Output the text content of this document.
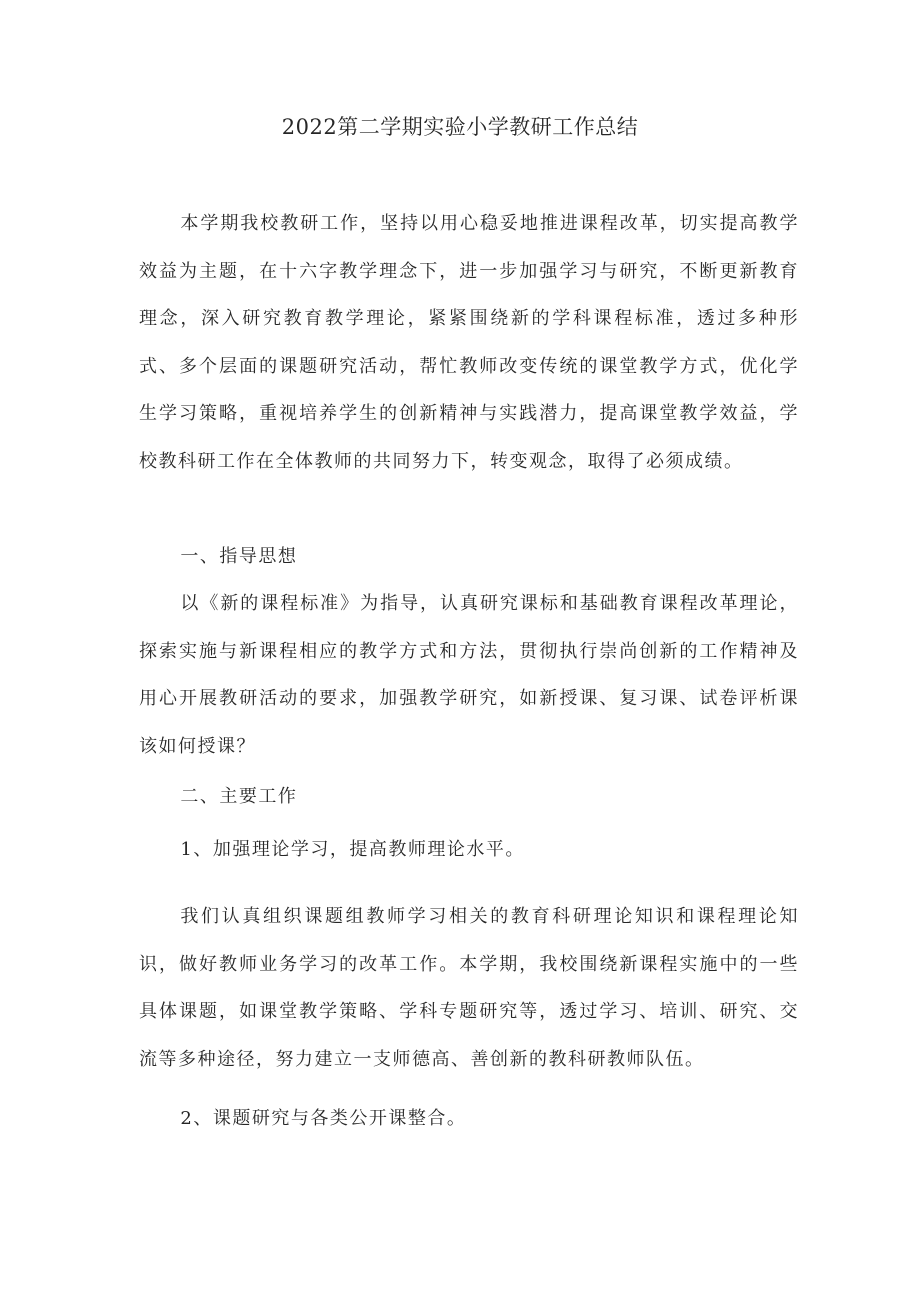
2022第二学期实验小学教研工作总结

本学期我校教研工作，坚持以用心稳妥地推进课程改革，切实提高教学效益为主题，在十六字教学理念下，进一步加强学习与研究，不断更新教育理念，深入研究教育教学理论，紧紧围绕新的学科课程标准，透过多种形式、多个层面的课题研究活动，帮忙教师改变传统的课堂教学方式，优化学生学习策略，重视培养学生的创新精神与实践潜力，提高课堂教学效益，学校教科研工作在全体教师的共同努力下，转变观念，取得了必须成绩。

一、指导思想

以《新的课程标准》为指导，认真研究课标和基础教育课程改革理论，探索实施与新课程相应的教学方式和方法，贯彻执行崇尚创新的工作精神及用心开展教研活动的要求，加强教学研究，如新授课、复习课、试卷评析课该如何授课？

二、主要工作

1、加强理论学习，提高教师理论水平。

我们认真组织课题组教师学习相关的教育科研理论知识和课程理论知识，做好教师业务学习的改革工作。本学期，我校围绕新课程实施中的一些具体课题，如课堂教学策略、学科专题研究等，透过学习、培训、研究、交流等多种途径，努力建立一支师德高、善创新的教科研教师队伍。

2、课题研究与各类公开课整合。
